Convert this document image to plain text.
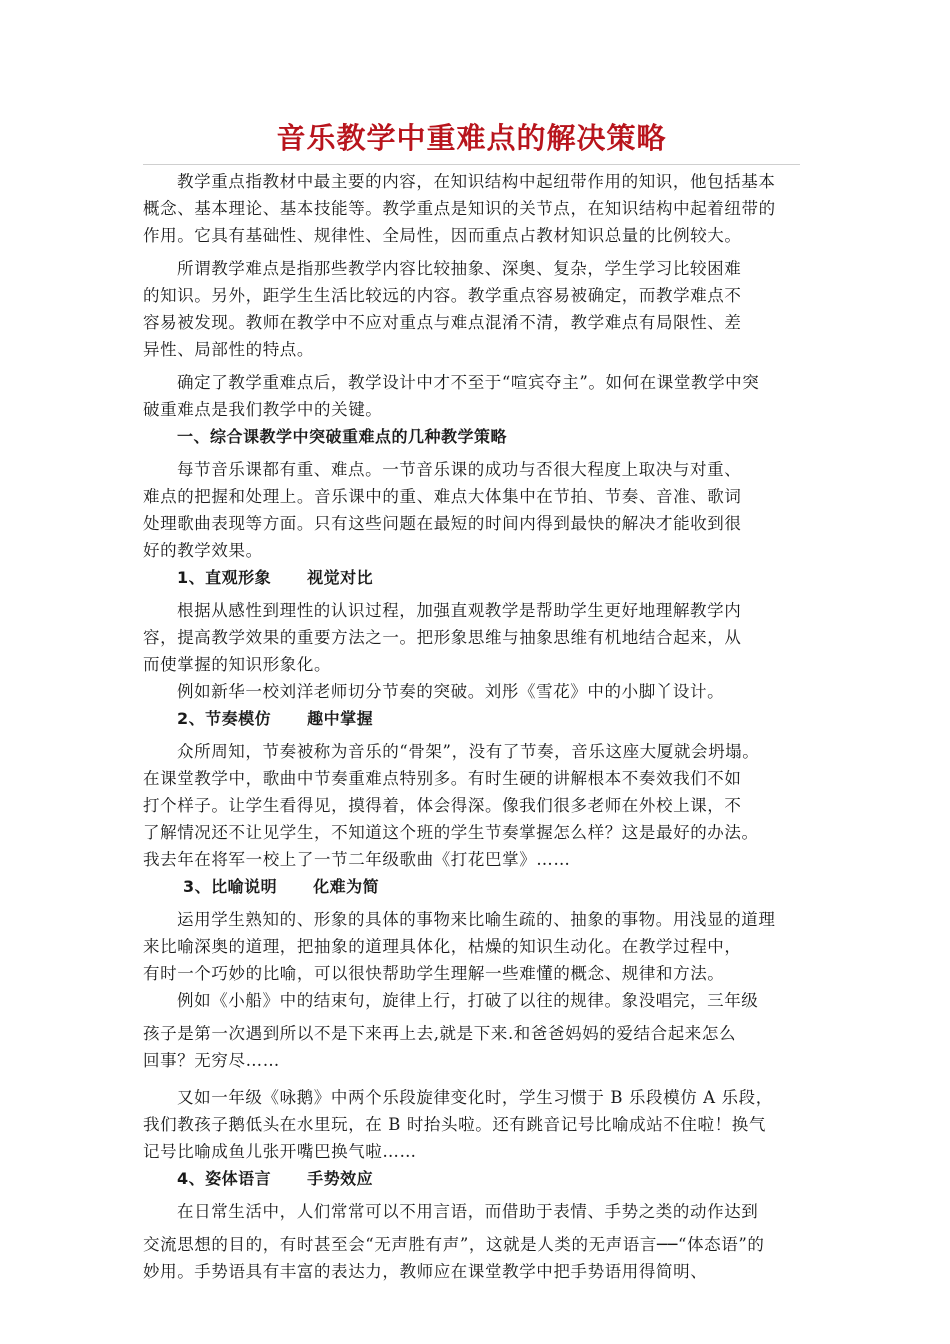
音乐教学中重难点的解决策略
教学重点指教材中最主要的内容，在知识结构中起纽带作用的知识，他包括基本
概念、基本理论、基本技能等。教学重点是知识的关节点，在知识结构中起着纽带的
作用。它具有基础性、规律性、全局性，因而重点占教材知识总量的比例较大。
所谓教学难点是指那些教学内容比较抽象、深奥、复杂，学生学习比较困难
的知识。另外，距学生生活比较远的内容。教学重点容易被确定，而教学难点不
容易被发现。教师在教学中不应对重点与难点混淆不清，教学难点有局限性、差
异性、局部性的特点。
确定了教学重难点后，教学设计中才不至于“喧宾夺主”。如何在课堂教学中突
破重难点是我们教学中的关键。
一、综合课教学中突破重难点的几种教学策略
每节音乐课都有重、难点。一节音乐课的成功与否很大程度上取决与对重、
难点的把握和处理上。音乐课中的重、难点大体集中在节拍、节奏、音准、歌词
处理歌曲表现等方面。只有这些问题在最短的时间内得到最快的解决才能收到很
好的教学效果。
1、直观形象 视觉对比
根据从感性到理性的认识过程，加强直观教学是帮助学生更好地理解教学内
容，提高教学效果的重要方法之一。把形象思维与抽象思维有机地结合起来，从
而使掌握的知识形象化。
例如新华一校刘洋老师切分节奏的突破。刘彤《雪花》中的小脚丫设计。
2、节奏模仿 趣中掌握
众所周知，节奏被称为音乐的“骨架”，没有了节奏，音乐这座大厦就会坍塌。
在课堂教学中，歌曲中节奏重难点特别多。有时生硬的讲解根本不奏效我们不如
打个样子。让学生看得见，摸得着，体会得深。像我们很多老师在外校上课，不
了解情况还不让见学生，不知道这个班的学生节奏掌握怎么样？这是最好的办法。
我去年在将军一校上了一节二年级歌曲《打花巴掌》……
3、比喻说明 化难为简
运用学生熟知的、形象的具体的事物来比喻生疏的、抽象的事物。用浅显的道理
来比喻深奥的道理，把抽象的道理具体化，枯燥的知识生动化。在教学过程中，
有时一个巧妙的比喻，可以很快帮助学生理解一些难懂的概念、规律和方法。
例如《小船》中的结束句，旋律上行，打破了以往的规律。象没唱完，三年级
孩子是第一次遇到所以不是下来再上去,就是下来.和爸爸妈妈的爱结合起来怎么
回事？无穷尽……
又如一年级《咏鹅》中两个乐段旋律变化时，学生习惯于 B 乐段模仿 A 乐段，
我们教孩子鹅低头在水里玩，在 B 时抬头啦。还有跳音记号比喻成站不住啦！换气
记号比喻成鱼儿张开嘴巴换气啦……
4、姿体语言 手势效应
在日常生活中，人们常常可以不用言语，而借助于表情、手势之类的动作达到
交流思想的目的，有时甚至会“无声胜有声”，这就是人类的无声语言──“体态语”的
妙用。手势语具有丰富的表达力，教师应在课堂教学中把手势语用得简明、
